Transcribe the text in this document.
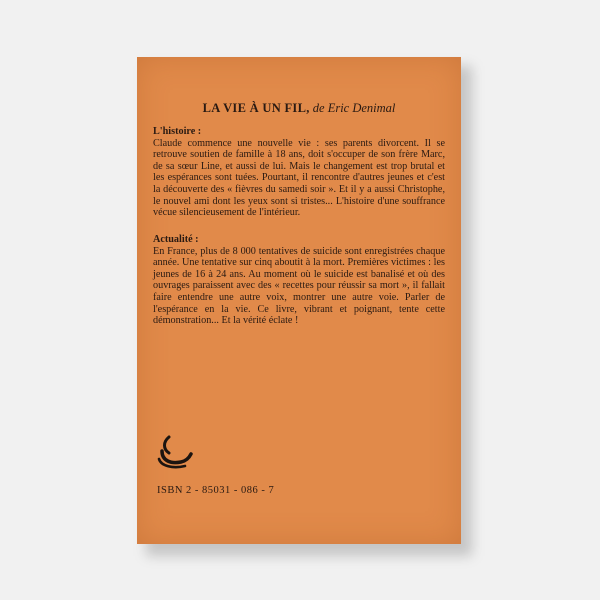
LA VIE À UN FIL, de Eric Denimal
L'histoire :
Claude commence une nouvelle vie : ses parents divorcent. Il se retrouve soutien de famille à 18 ans, doit s'occuper de son frère Marc, de sa sœur Line, et aussi de lui. Mais le changement est trop brutal et les espérances sont tuées. Pourtant, il rencontre d'autres jeunes et c'est la découverte des « fièvres du samedi soir ». Et il y a aussi Christophe, le nouvel ami dont les yeux sont si tristes... L'histoire d'une souffrance vécue silencieusement de l'intérieur.
Actualité :
En France, plus de 8 000 tentatives de suicide sont enregistrées chaque année. Une tentative sur cinq aboutit à la mort. Premières victimes : les jeunes de 16 à 24 ans. Au moment où le suicide est banalisé et où des ouvrages paraissent avec des « recettes pour réussir sa mort », il fallait faire entendre une autre voix, montrer une autre voie. Parler de l'espérance en la vie. Ce livre, vibrant et poignant, tente cette démonstration... Et la vérité éclate !
ISBN 2 - 85031 - 086 - 7
